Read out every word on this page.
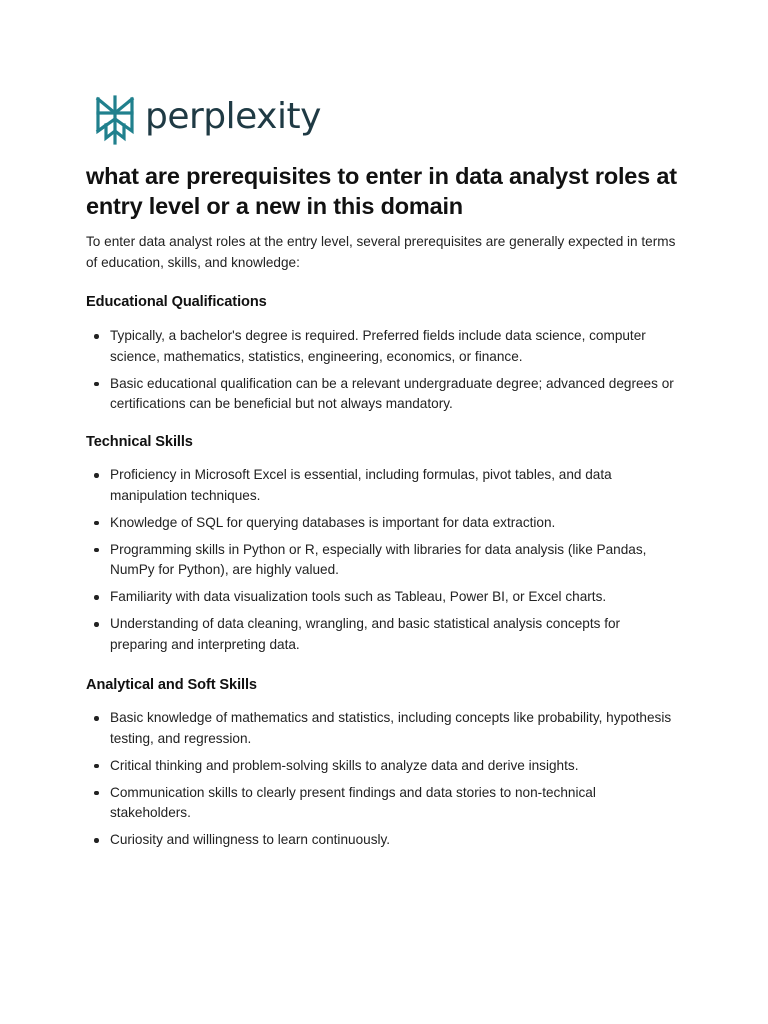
perplexity
what are prerequisites to enter in data analyst roles at entry level or a new in this domain

To enter data analyst roles at the entry level, several prerequisites are generally expected in terms of education, skills, and knowledge:

Educational Qualifications
Typically, a bachelor's degree is required. Preferred fields include data science, computer science, mathematics, statistics, engineering, economics, or finance.
Basic educational qualification can be a relevant undergraduate degree; advanced degrees or certifications can be beneficial but not always mandatory.
Technical Skills
Proficiency in Microsoft Excel is essential, including formulas, pivot tables, and data manipulation techniques.
Knowledge of SQL for querying databases is important for data extraction.
Programming skills in Python or R, especially with libraries for data analysis (like Pandas, NumPy for Python), are highly valued.
Familiarity with data visualization tools such as Tableau, Power BI, or Excel charts.
Understanding of data cleaning, wrangling, and basic statistical analysis concepts for preparing and interpreting data.
Analytical and Soft Skills
Basic knowledge of mathematics and statistics, including concepts like probability, hypothesis testing, and regression.
Critical thinking and problem-solving skills to analyze data and derive insights.
Communication skills to clearly present findings and data stories to non-technical stakeholders.
Curiosity and willingness to learn continuously.
